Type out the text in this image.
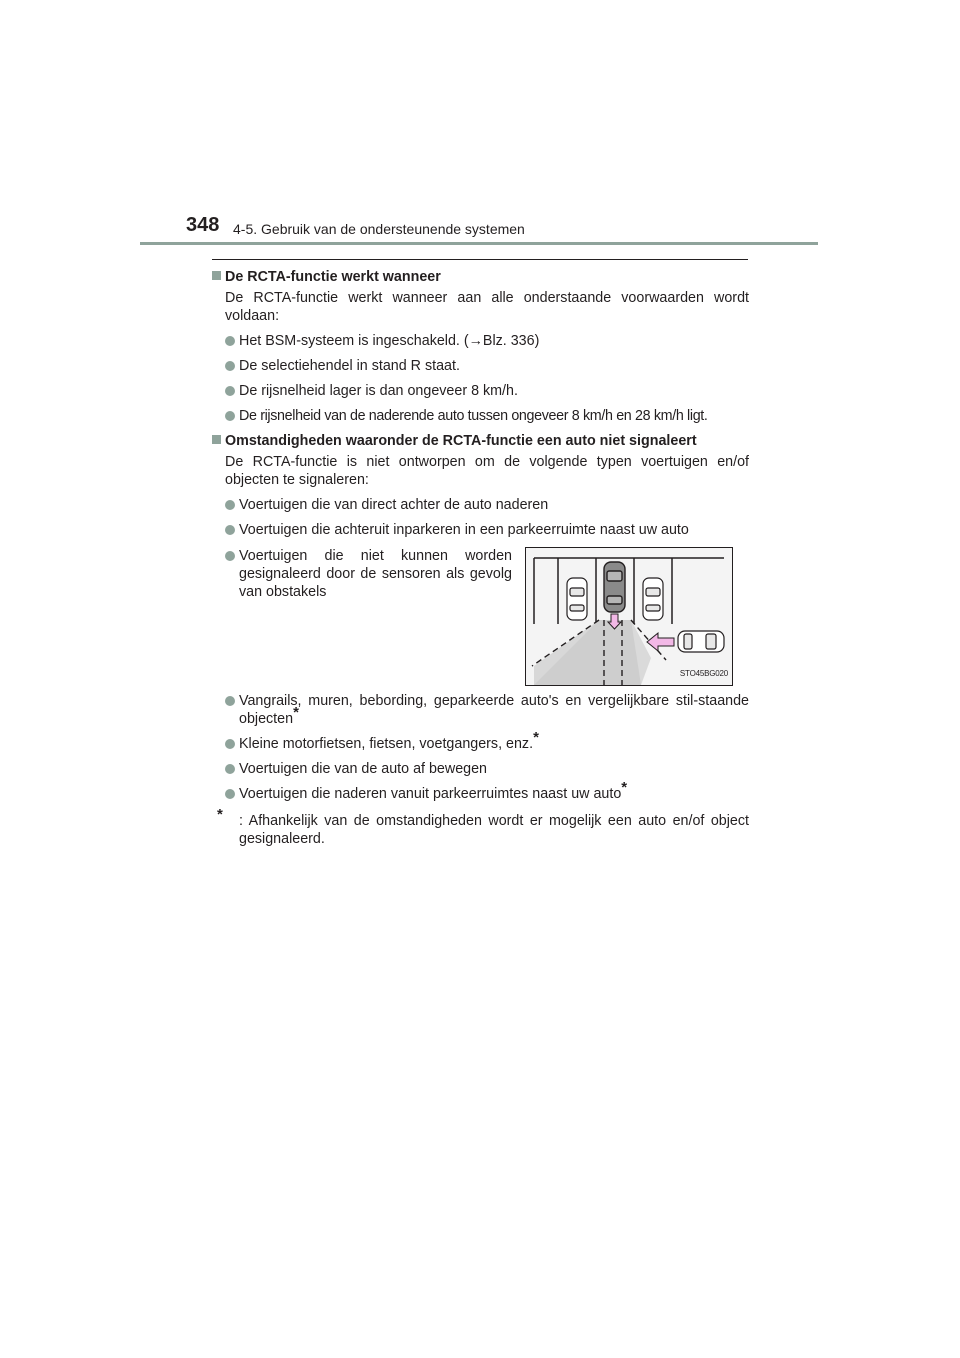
348 4-5. Gebruik van de ondersteunende systemen
De RCTA-functie werkt wanneer
De RCTA-functie werkt wanneer aan alle onderstaande voorwaarden wordt voldaan:
Het BSM-systeem is ingeschakeld. (→Blz. 336)
De selectiehendel in stand R staat.
De rijsnelheid lager is dan ongeveer 8 km/h.
De rijsnelheid van de naderende auto tussen ongeveer 8 km/h en 28 km/h ligt.
Omstandigheden waaronder de RCTA-functie een auto niet signaleert
De RCTA-functie is niet ontworpen om de volgende typen voertuigen en/of objecten te signaleren:
Voertuigen die van direct achter de auto naderen
Voertuigen die achteruit inparkeren in een parkeerruimte naast uw auto
Voertuigen die niet kunnen worden gesignaleerd door de sensoren als gevolg van obstakels
STO45BG020
Vangrails, muren, bebording, geparkeerde auto's en vergelijkbare stil-staande objecten*
Kleine motorfietsen, fietsen, voetgangers, enz.*
Voertuigen die van de auto af bewegen
Voertuigen die naderen vanuit parkeerruimtes naast uw auto*
*	: Afhankelijk van de omstandigheden wordt er mogelijk een auto en/of object gesignaleerd.
